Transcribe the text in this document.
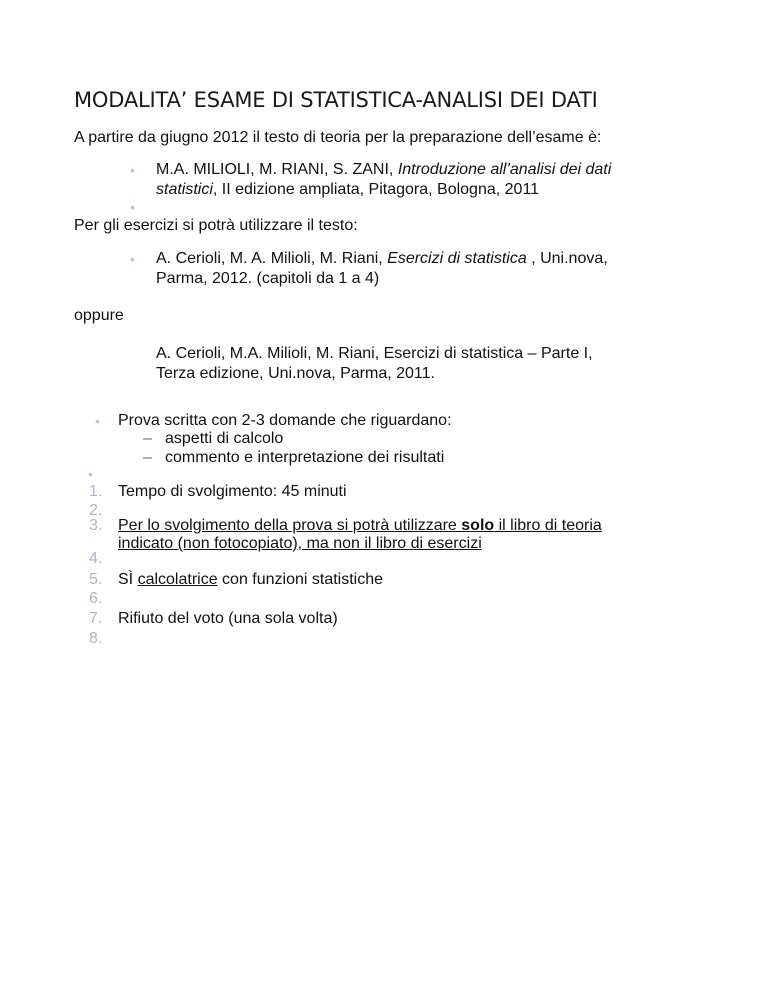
MODALITA’ ESAME DI STATISTICA-ANALISI DEI DATI
A partire da giugno 2012 il testo di teoria per la preparazione dell’esame è:
• M.A. MILIOLI, M. RIANI, S. ZANI, Introduzione all’analisi dei dati
statistici, II edizione ampliata, Pitagora, Bologna, 2011
•
Per gli esercizi si potrà utilizzare il testo:
• A. Cerioli, M. A. Milioli, M. Riani, Esercizi di statistica , Uni.nova,
Parma, 2012. (capitoli da 1 a 4)
oppure
A. Cerioli, M.A. Milioli, M. Riani, Esercizi di statistica – Parte I,
Terza edizione, Uni.nova, Parma, 2011.
• Prova scritta con 2-3 domande che riguardano:
– aspetti di calcolo
– commento e interpretazione dei risultati
•
1.
2.
3.
4.
5.
6.
7.
8.
Tempo di svolgimento: 45 minuti
Per lo svolgimento della prova si potrà utilizzare solo il libro di teoria
indicato (non fotocopiato), ma non il libro di esercizi
SÌ calcolatrice con funzioni statistiche
Rifiuto del voto (una sola volta)
